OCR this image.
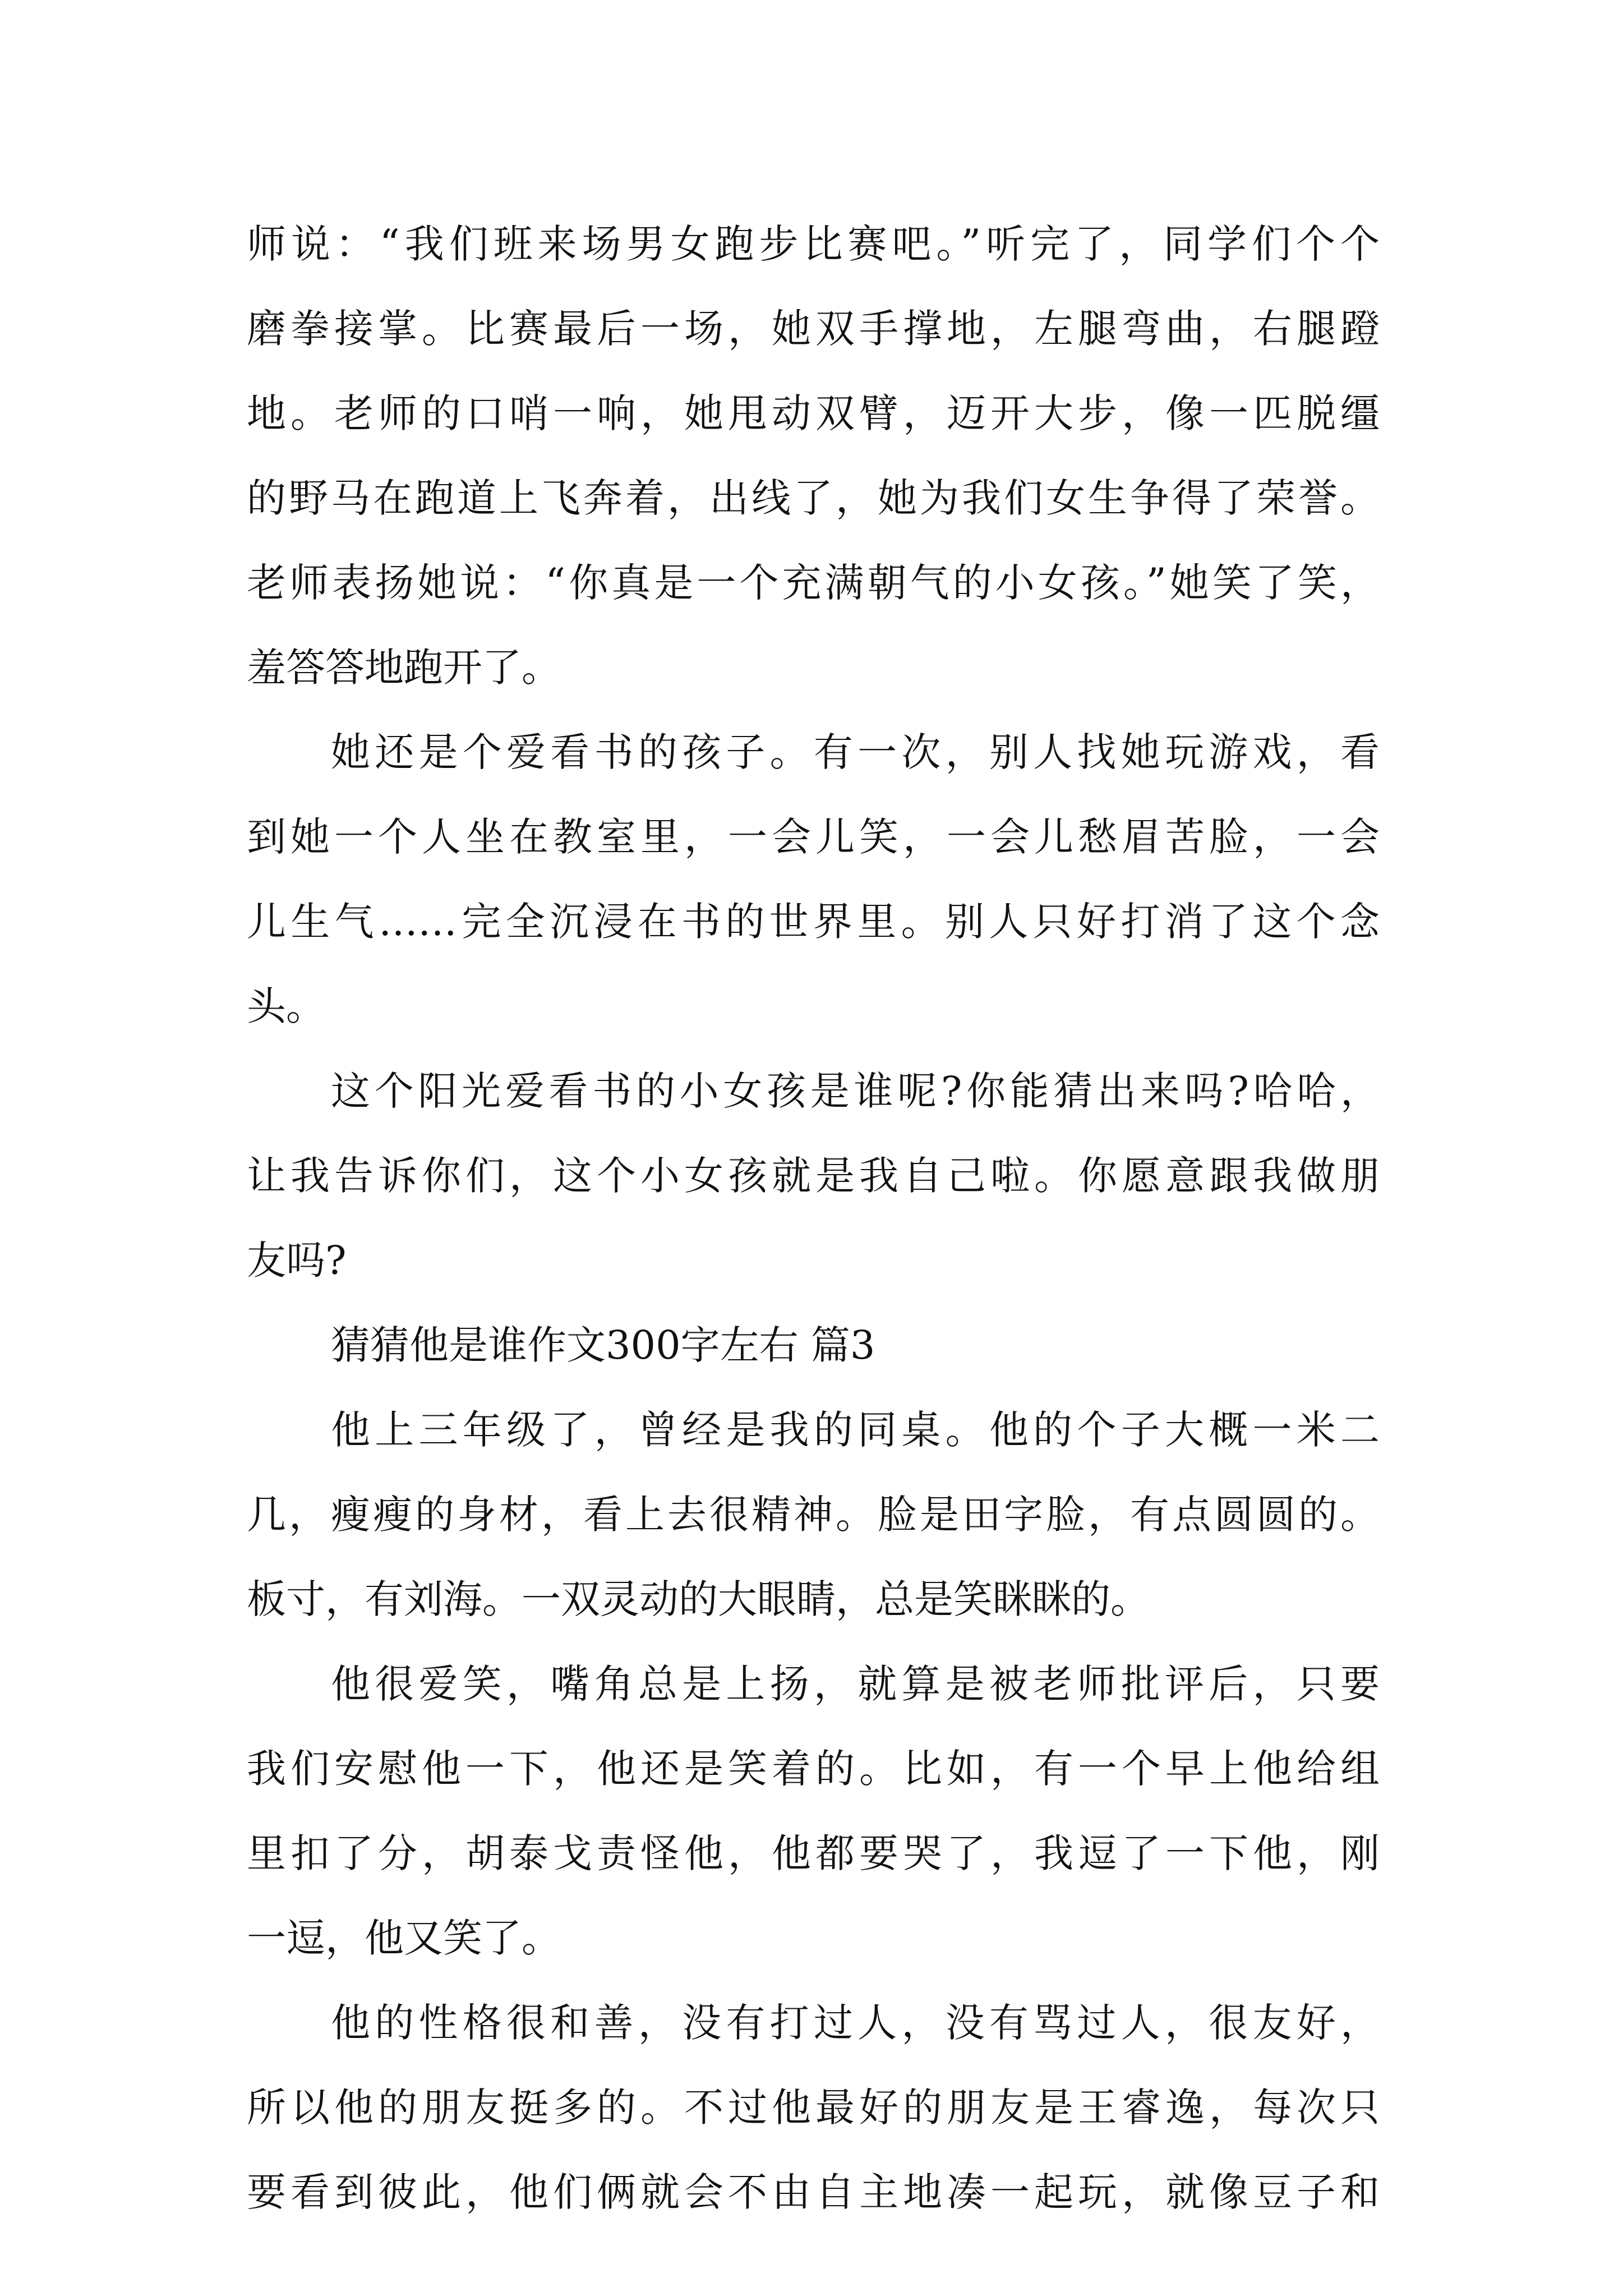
师说：“我们班来场男女跑步比赛吧。”听完了，同学们个个
磨拳接掌。比赛最后一场，她双手撑地，左腿弯曲，右腿蹬
地。老师的口哨一响，她甩动双臂，迈开大步，像一匹脱缰
的野马在跑道上飞奔着，出线了，她为我们女生争得了荣誉。
老师表扬她说：“你真是一个充满朝气的小女孩。”她笑了笑，
羞答答地跑开了。
她还是个爱看书的孩子。有一次，别人找她玩游戏，看
到她一个人坐在教室里，一会儿笑，一会儿愁眉苦脸，一会
儿生气……完全沉浸在书的世界里。别人只好打消了这个念
头。
这个阳光爱看书的小女孩是谁呢?你能猜出来吗?哈哈，
让我告诉你们，这个小女孩就是我自己啦。你愿意跟我做朋
友吗?
猜猜他是谁作文300字左右 篇3
他上三年级了，曾经是我的同桌。他的个子大概一米二
几，瘦瘦的身材，看上去很精神。脸是田字脸，有点圆圆的。
板寸，有刘海。一双灵动的大眼睛，总是笑眯眯的。
他很爱笑，嘴角总是上扬，就算是被老师批评后，只要
我们安慰他一下，他还是笑着的。比如，有一个早上他给组
里扣了分，胡泰戈责怪他，他都要哭了，我逗了一下他，刚
一逗，他又笑了。
他的性格很和善，没有打过人，没有骂过人，很友好，
所以他的朋友挺多的。不过他最好的朋友是王睿逸，每次只
要看到彼此，他们俩就会不由自主地凑一起玩，就像豆子和
